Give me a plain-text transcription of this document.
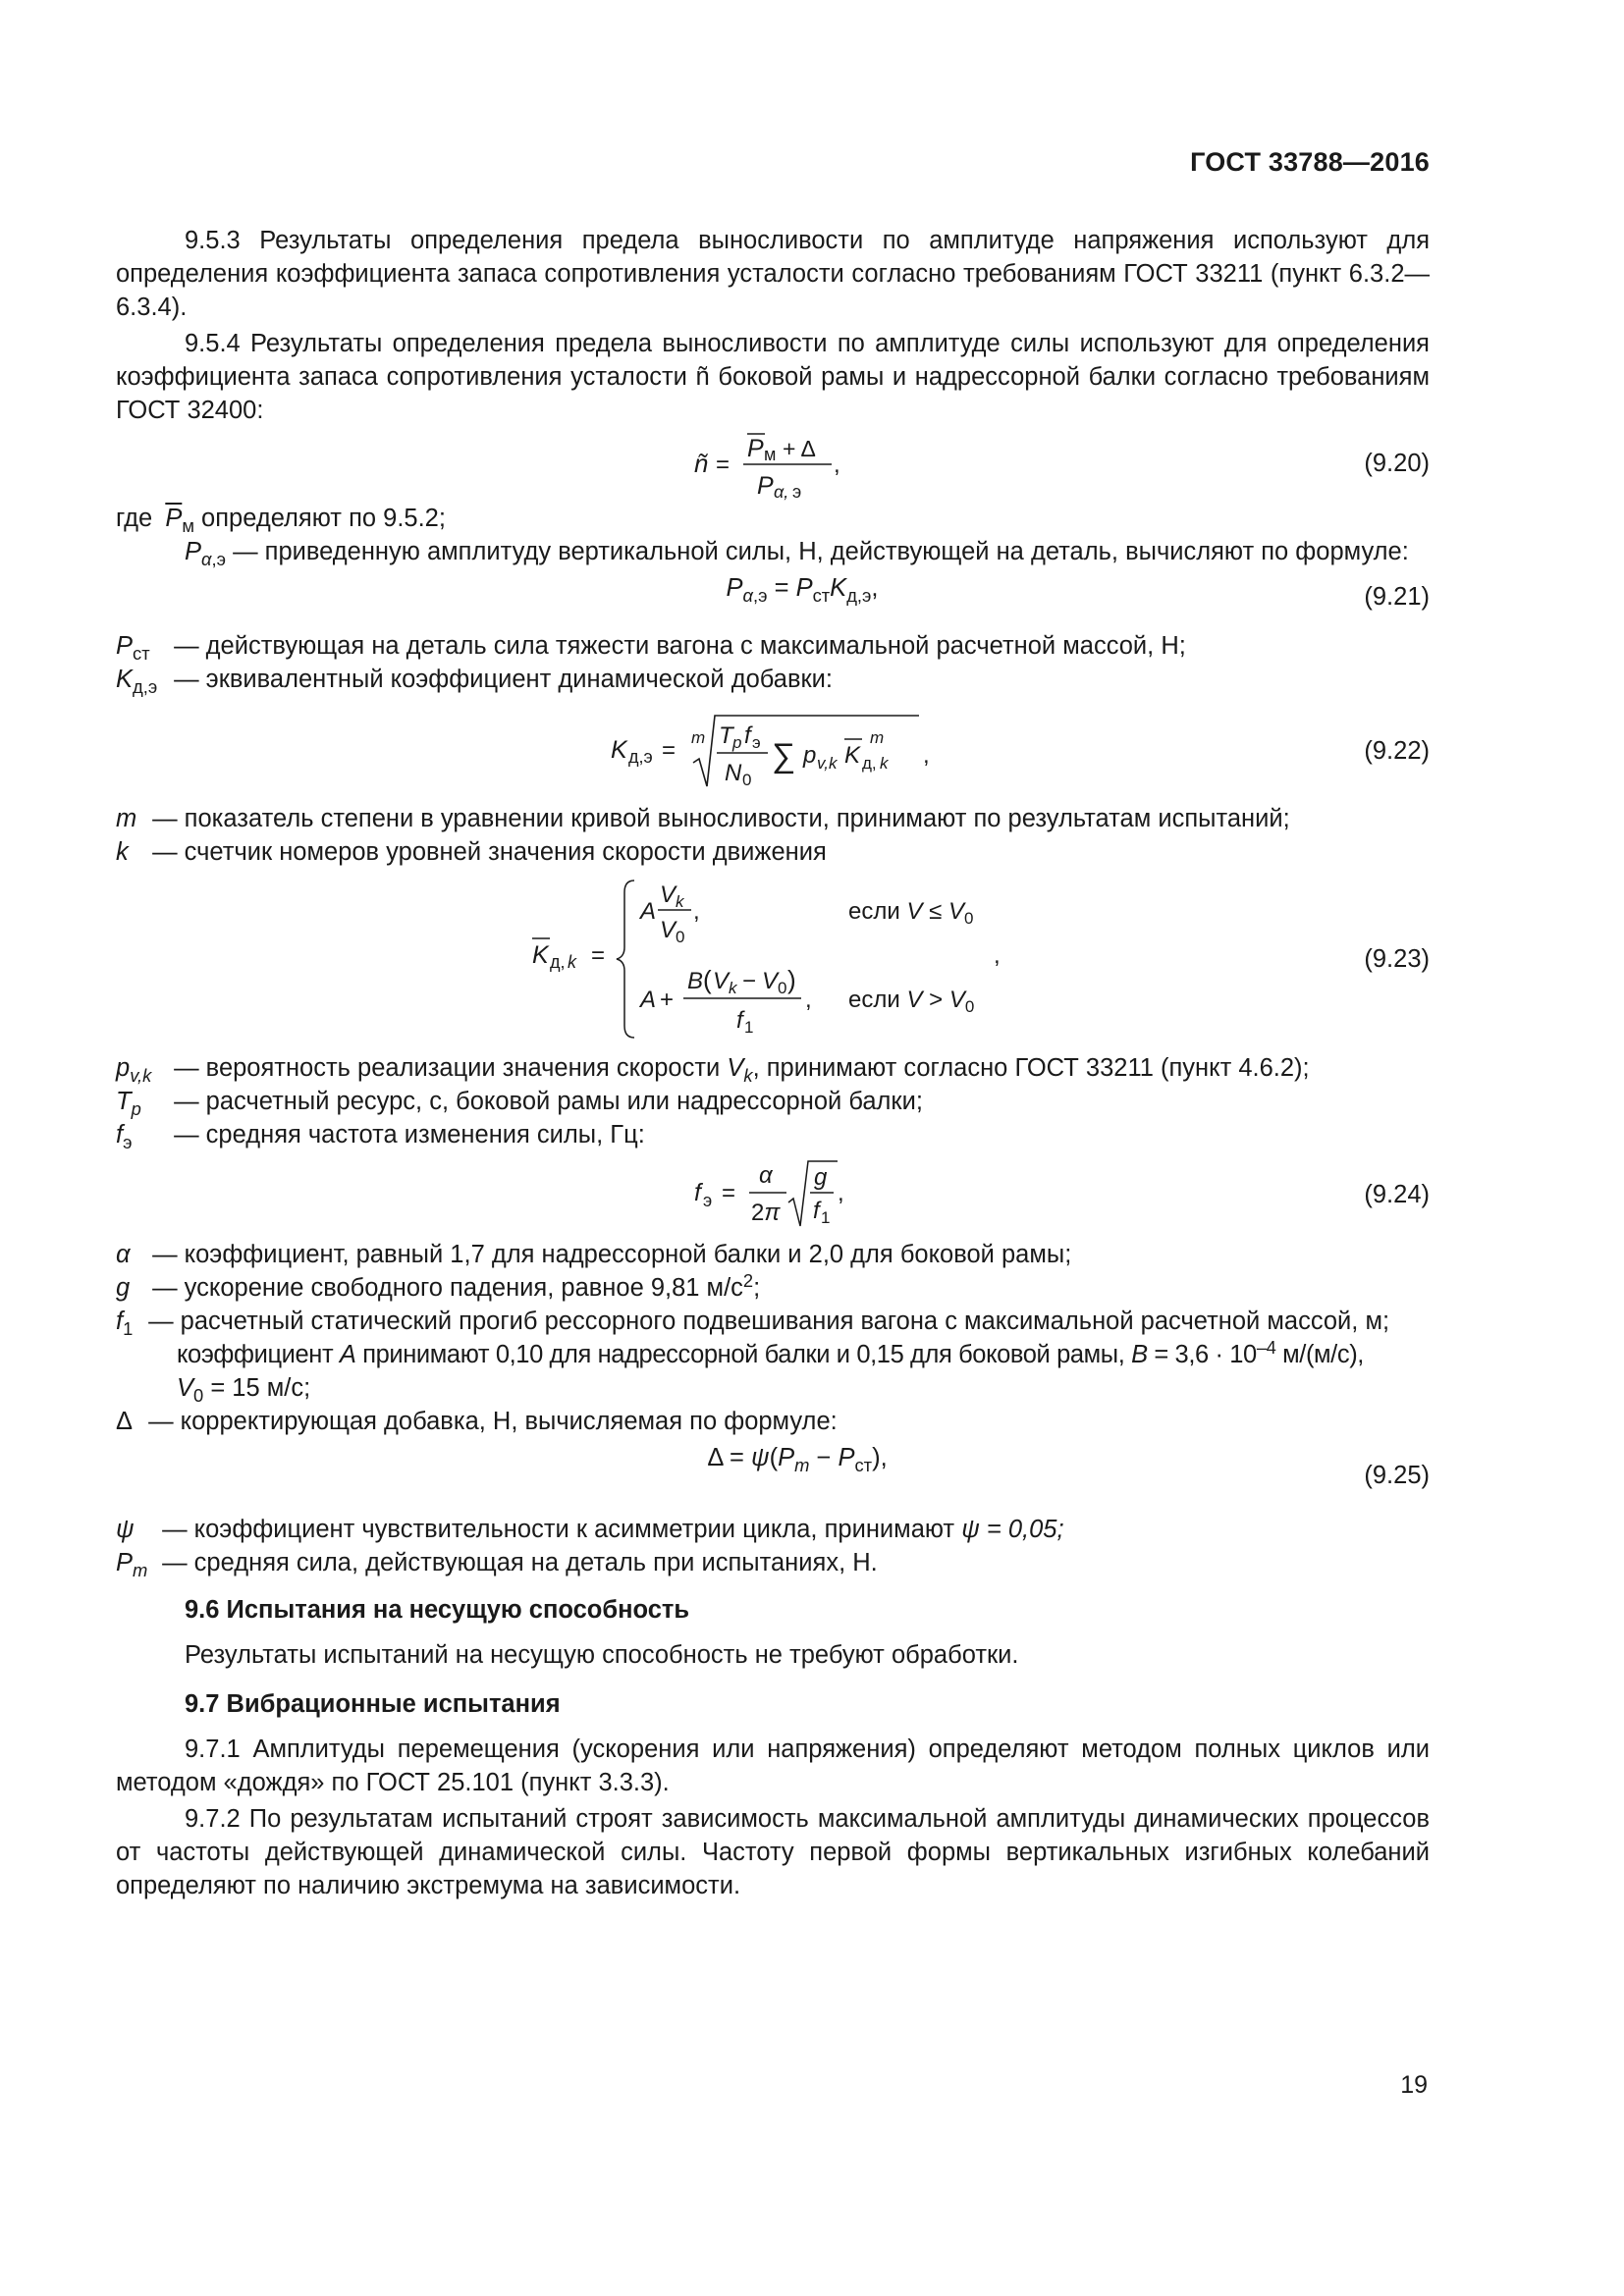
ГОСТ 33788—2016

9.5.3 Результаты определения предела выносливости по амплитуде напряжения используют для определения коэффициента запаса сопротивления усталости согласно требованиям ГОСТ 33211 (пункт 6.3.2—6.3.4).

9.5.4 Результаты определения предела выносливости по амплитуде силы используют для определения коэффициента запаса сопротивления усталости ñ боковой рамы и надрессорной балки согласно требованиям ГОСТ 32400:

ñ =
P м + Δ
P α, э
,	(9.20)

где $\overline{P}_м$ определяют по 9.5.2;

$P_{\alpha,э}$ — приведенную амплитуду вертикальной силы, Н, действующей на деталь, вычисляют по формуле:

$P_{\alpha,э} = P_{ст}K_{д,э}$,	(9.21)

$P_{ст}$ — действующая на деталь сила тяжести вагона с максимальной расчетной массой, Н;

$K_{д,э}$ — эквивалентный коэффициент динамической добавки:

K д,э = m T p f э
N 0
∑ p v,k K д, k
m
,	(9.22)

m — показатель степени в уравнении кривой выносливости, принимают по результатам испытаний;

k — счетчик номеров уровней значения скорости движения

K д, k =
A
V k
V 0
,	если $V \le V_0$
A +
B ( V k − V 0 )
f 1
, если $V > V_0$
,	(9.23)

$p_{v,k}$ — вероятность реализации значения скорости $V_k$, принимают согласно ГОСТ 33211 (пункт 4.6.2);

$T_p$ — расчетный ресурс, с, боковой рамы или надрессорной балки;

$f_э$ — средняя частота изменения силы, Гц:

f э =
α
2π
g
f 1
,	(9.24)

α — коэффициент, равный 1,7 для надрессорной балки и 2,0 для боковой рамы;

g — ускорение свободного падения, равное 9,81 $м/с^2$;

$f_1$ — расчетный статический прогиб рессорного подвешивания вагона с максимальной расчетной массой, м;

коэффициент A принимают 0,10 для надрессорной балки и 0,15 для боковой рамы, $B = 3,6 \cdot 10^{-4}$ м/(м/с),

$V_0 = 15$ м/с;

Δ — корректирующая добавка, Н, вычисляемая по формуле:

$\Delta = \psi(P_m - P_{ст})$,
(9.25)

ψ — коэффициент чувствительности к асимметрии цикла, принимают ψ = 0,05;

$P_m$ — средняя сила, действующая на деталь при испытаниях, Н.

9.6 Испытания на несущую способность

Результаты испытаний на несущую способность не требуют обработки.

9.7 Вибрационные испытания

9.7.1 Амплитуды перемещения (ускорения или напряжения) определяют методом полных циклов или методом «дождя» по ГОСТ 25.101 (пункт 3.3.3).

9.7.2 По результатам испытаний строят зависимость максимальной амплитуды динамических процессов от частоты действующей динамической силы. Частоту первой формы вертикальных изгибных колебаний определяют по наличию экстремума на зависимости.

19
